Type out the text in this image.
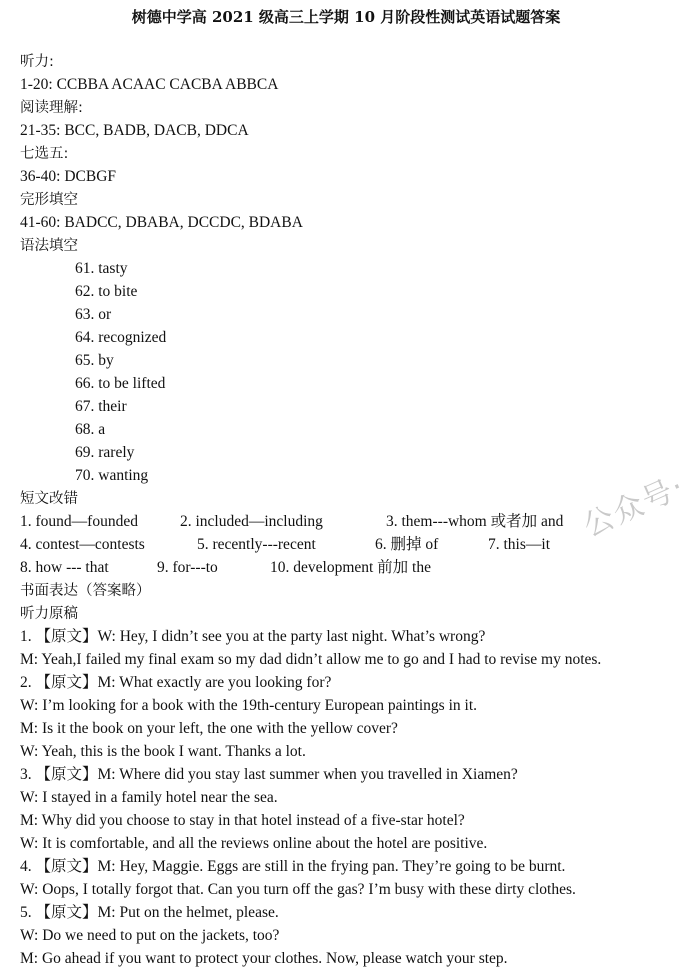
树德中学高 2021 级高三上学期 10 月阶段性测试英语试题答案
听力:
1-20: CCBBA ACAAC CACBA ABBCA
阅读理解:
21-35: BCC, BADB, DACB, DDCA
七选五:
36-40: DCBGF
完形填空
41-60: BADCC, DBABA, DCCDC, BDABA
语法填空
61. tasty
62. to bite
63. or
64. recognized
65. by
66. to be lifted
67. their
68. a
69. rarely
70. wanting
短文改错
1. found—founded	2. included—including	3. them---whom 或者加 and
4. contest—contests	5. recently---recent	6. 删掉 of	7. this—it
8. how --- that	9. for---to	10. development 前加 the
书面表达（答案略）
听力原稿
1. 【原文】W: Hey, I didn’t see you at the party last night. What’s wrong?
M: Yeah,I failed my final exam so my dad didn’t allow me to go and I had to revise my notes.
2. 【原文】M: What exactly are you looking for?
W: I’m looking for a book with the 19th-century European paintings in it.
M: Is it the book on your left, the one with the yellow cover?
W: Yeah, this is the book I want. Thanks a lot.
3. 【原文】M: Where did you stay last summer when you travelled in Xiamen?
W: I stayed in a family hotel near the sea.
M: Why did you choose to stay in that hotel instead of a five-star hotel?
W: It is comfortable, and all the reviews online about the hotel are positive.
4. 【原文】M: Hey, Maggie. Eggs are still in the frying pan. They’re going to be burnt.
W: Oops, I totally forgot that. Can you turn off the gas? I’m busy with these dirty clothes.
5. 【原文】M: Put on the helmet, please.
W: Do we need to put on the jackets, too?
M: Go ahead if you want to protect your clothes. Now, please watch your step.
公众号·
